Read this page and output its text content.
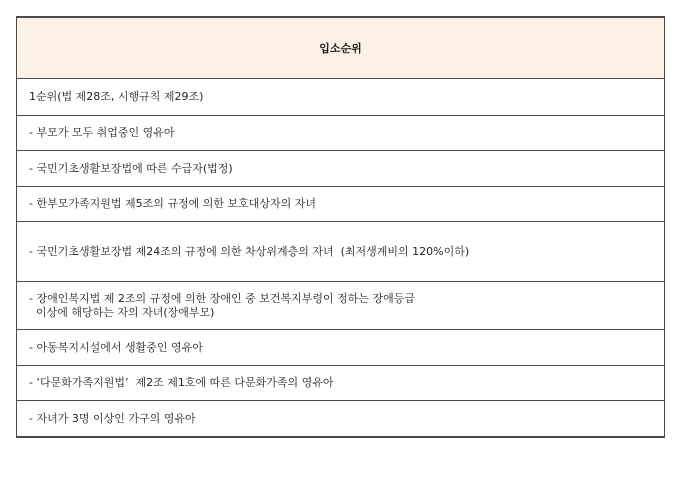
입소순위
1순위(법 제28조, 시행규칙 제29조)
- 부모가 모두 취업중인 영유아
- 국민기초생활보장법에 따른 수급자(법정)
- 한부모가족지원법 제5조의 규정에 의한 보호대상자의 자녀
- 국민기초생활보장법 제24조의 규정에 의한 차상위계층의 자녀  (최저생계비의 120%이하)
- 장애인복지법 제 2조의 규정에 의한 장애인 중 보건복지부령이 정하는 장애등급
이상에 해당하는 자의 자녀(장애부모)
- 아동복지시설에서 생활중인 영유아
- ‘다문화가족지원법’  제2조 제1호에 따른 다문화가족의 영유아
- 자녀가 3명 이상인 가구의 영유아
